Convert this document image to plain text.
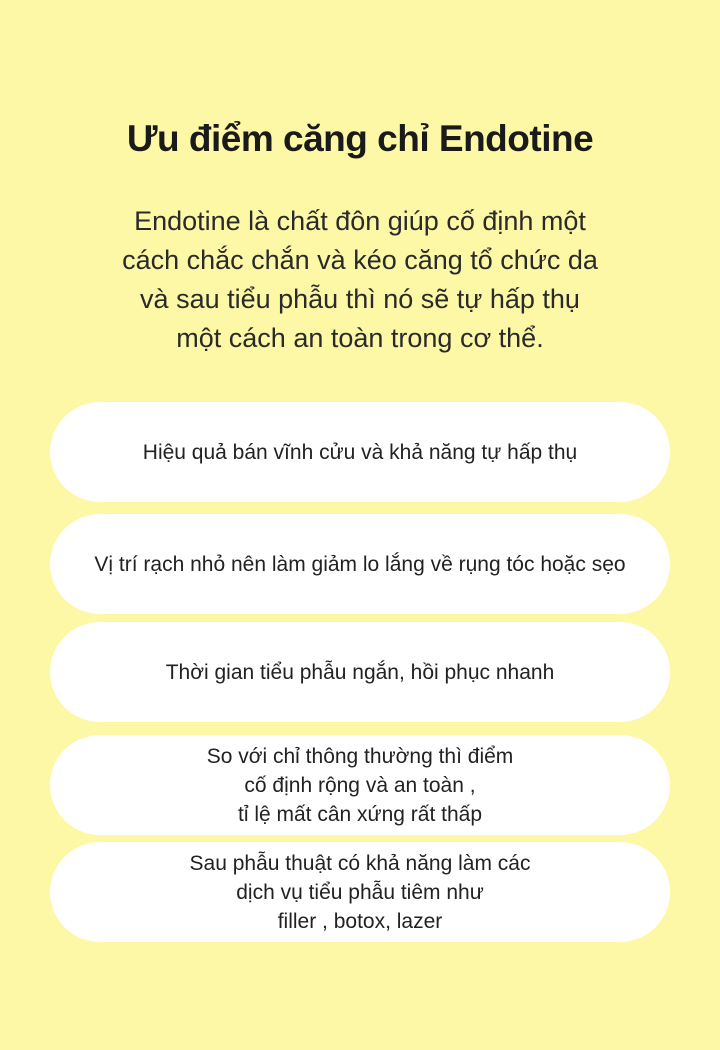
Ưu điểm căng chỉ Endotine

Endotine là chất đôn giúp cố định một
cách chắc chắn và kéo căng tổ chức da
và sau tiểu phẫu thì nó sẽ tự hấp thụ
một cách an toàn trong cơ thể.

Hiệu quả bán vĩnh cửu và khả năng tự hấp thụ
Vị trí rạch nhỏ nên làm giảm lo lắng về rụng tóc hoặc sẹo
Thời gian tiểu phẫu ngắn, hồi phục nhanh
So với chỉ thông thường thì điểm
cố định rộng và an toàn ,
tỉ lệ mất cân xứng rất thấp
Sau phẫu thuật có khả năng làm các
dịch vụ tiểu phẫu tiêm như
filler , botox, lazer
